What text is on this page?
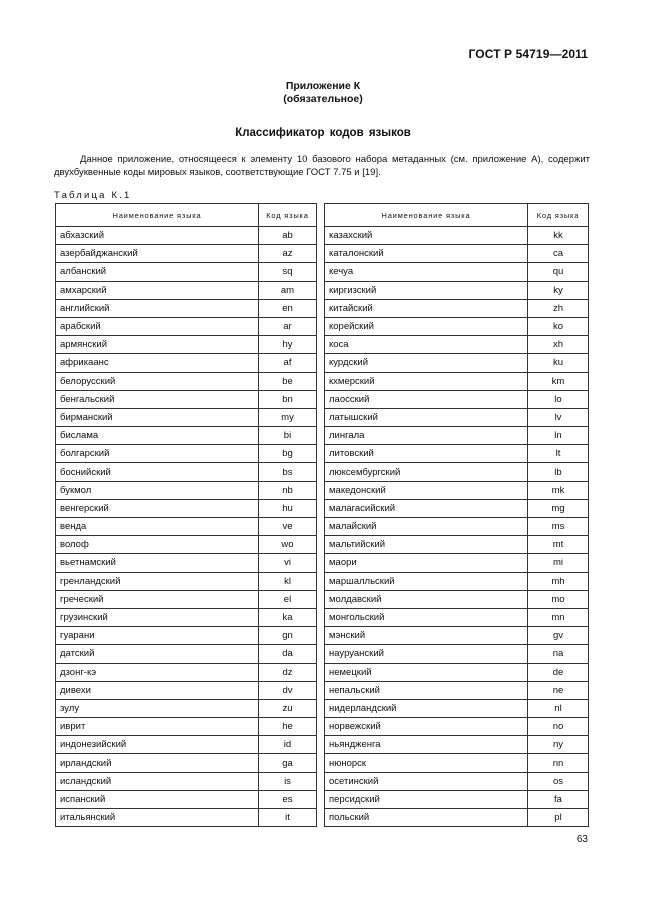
ГОСТ Р 54719—2011
Приложение К
(обязательное)
Классификатор кодов языков
Данное приложение, относящееся к элементу 10 базового набора метаданных (см. приложение А), содержит двухбуквенные коды мировых языков, соответствующие ГОСТ 7.75 и [19].
Таблица К.1
Наименование языка	Код языка		Наименование языка	Код языка
абхазский	ab		казахский	kk
азербайджанский	az		каталонский	ca
албанский	sq		кечуа	qu
амхарский	am		киргизский	ky
английский	en		китайский	zh
арабский	ar		корейский	ko
армянский	hy		коса	xh
африкаанс	af		курдский	ku
белорусский	be		кхмерский	km
бенгальский	bn		лаосский	lo
бирманский	my		латышский	lv
бислама	bi		лингала	ln
болгарский	bg		литовский	lt
боснийский	bs		люксембургский	lb
букмол	nb		македонский	mk
венгерский	hu		малагасийский	mg
венда	ve		малайский	ms
волоф	wo		мальтийский	mt
вьетнамский	vi		маори	mi
гренландский	kl		маршалльский	mh
греческий	el		молдавский	mo
грузинский	ka		монгольский	mn
гуарани	gn		мэнский	gv
датский	da		науруанский	na
дзонг-кэ	dz		немецкий	de
дивехи	dv		непальский	ne
зулу	zu		нидерландский	nl
иврит	he		норвежский	no
индонезийский	id		ньяндженга	ny
ирландский	ga		нюнорск	nn
исландский	is		осетинский	os
испанский	es		персидский	fa
итальянский	it		польский	pl
63
